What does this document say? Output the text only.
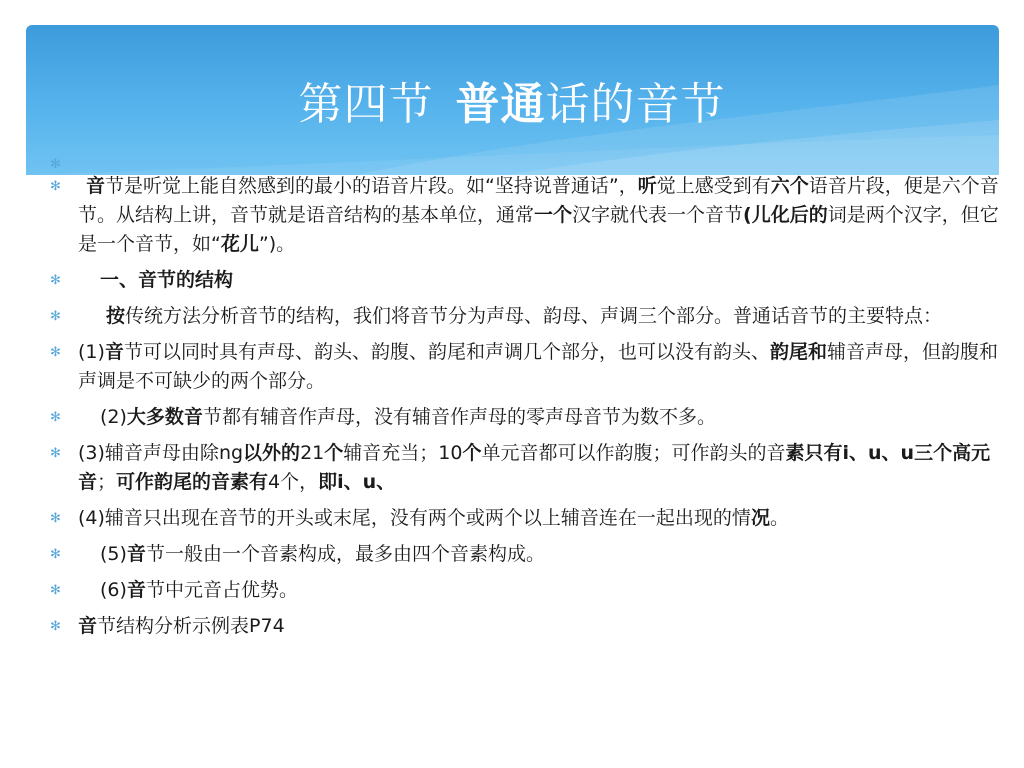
第四节 普通话的音节
✻
✻ 音节是听觉上能自然感到的最小的语音片段。如“坚持说普通话”，听觉上感受到有六个语音片段，便是六个音节。从结构上讲，音节就是语音结构的基本单位，通常一个汉字就代表一个音节(儿化后的词是两个汉字，但它是一个音节，如“花儿”)。
✻ 一、音节的结构
✻ 按传统方法分析音节的结构，我们将音节分为声母、韵母、声调三个部分。普通话音节的主要特点：
✻ (1)音节可以同时具有声母、韵头、韵腹、韵尾和声调几个部分，也可以没有韵头、韵尾和辅音声母，但韵腹和声调是不可缺少的两个部分。
✻ (2)大多数音节都有辅音作声母，没有辅音作声母的零声母音节为数不多。
✻ (3)辅音声母由除ng以外的21个辅音充当；10个单元音都可以作韵腹；可作韵头的音素只有i、u、u三个高元音；可作韵尾的音素有4个，即i、u、
✻ (4)辅音只出现在音节的开头或末尾，没有两个或两个以上辅音连在一起出现的情况。
✻ (5)音节一般由一个音素构成，最多由四个音素构成。
✻ (6)音节中元音占优势。
✻ 音节结构分析示例表P74
